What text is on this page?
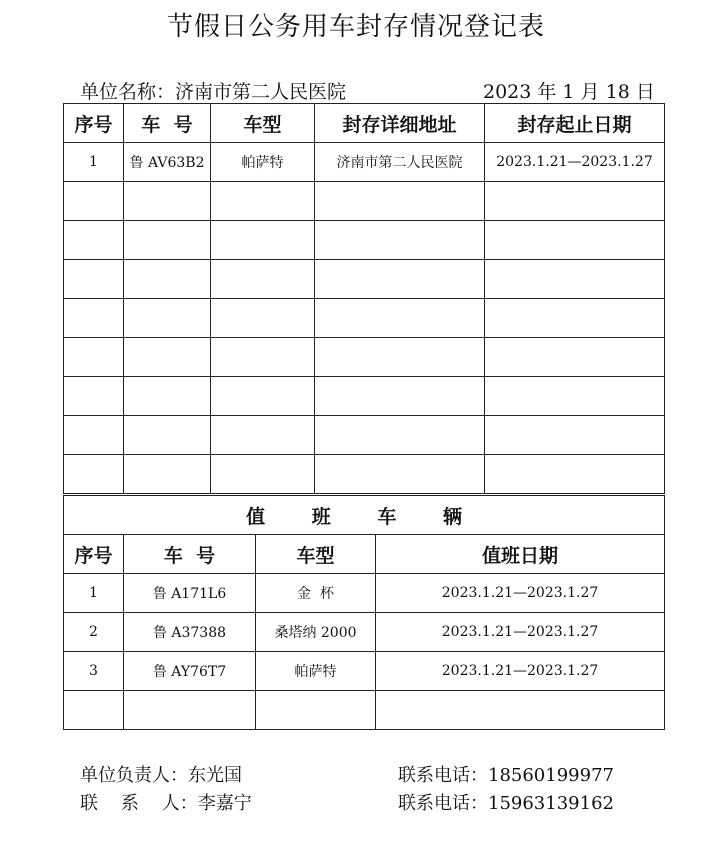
节假日公务用车封存情况登记表
单位名称：济南市第二人民医院	2023 年 1 月 18 日
序号	车  号	车型	封存详细地址	封存起止日期
1	鲁 AV63B2	帕萨特	济南市第二人民医院	2023.1.21—2023.1.27

值 班 车 辆			
序号	车  号	车型	值班日期
1	鲁 A171L6	金  杯	2023.1.21—2023.1.27
2	鲁 A37388	桑塔纳 2000	2023.1.21—2023.1.27
3	鲁 AY76T7	帕萨特	2023.1.21—2023.1.27

单位负责人：东光国	联系电话：18560199977
联    系    人：李嘉宁	联系电话：15963139162
